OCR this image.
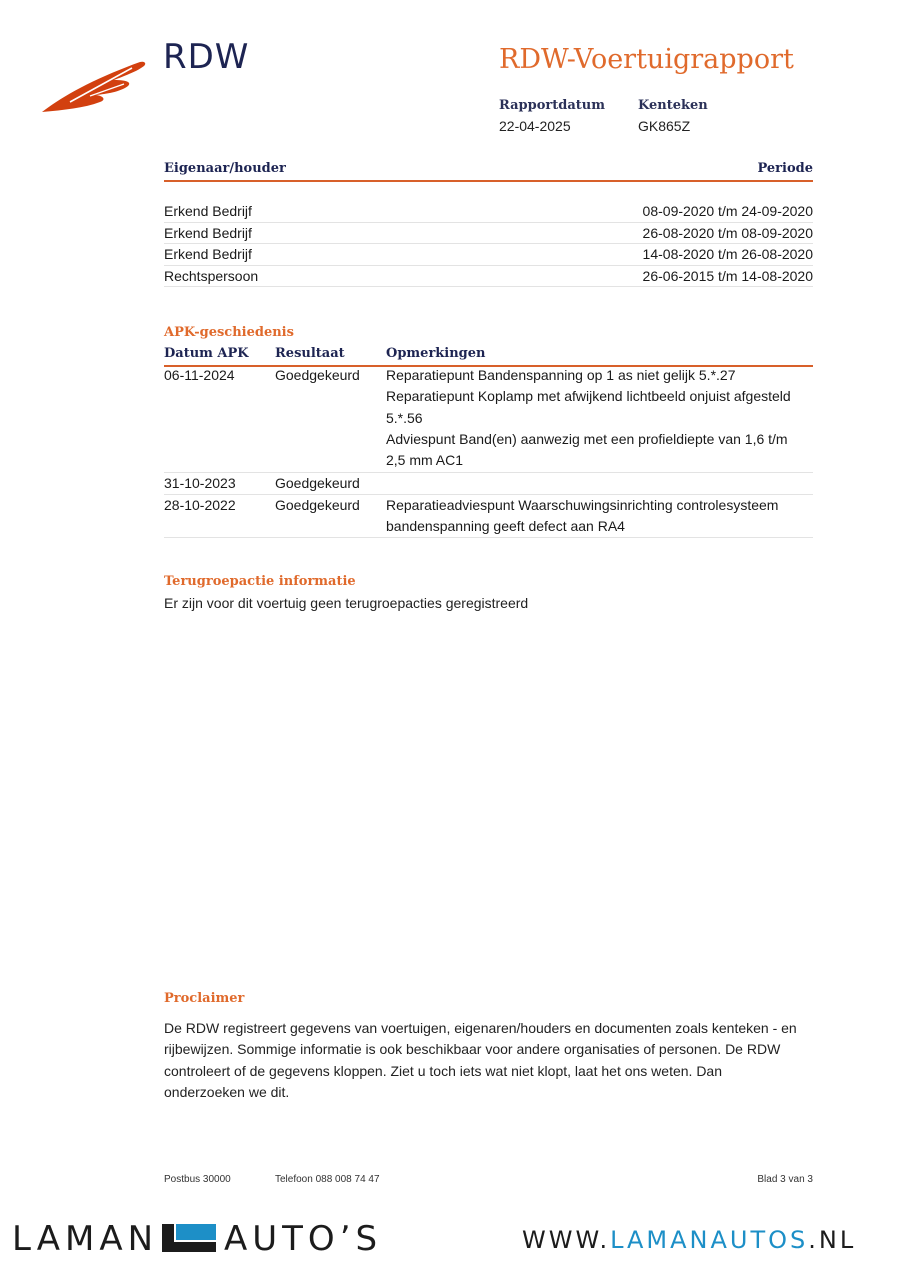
RDW	RDW-Voertuigrapport
Rapportdatum
22-04-2025
Kenteken
GK865Z
Eigenaar/houder	Periode
Erkend Bedrijf	08-09-2020 t/m 24-09-2020
Erkend Bedrijf	26-08-2020 t/m 08-09-2020
Erkend Bedrijf	14-08-2020 t/m 26-08-2020
Rechtspersoon	26-06-2015 t/m 14-08-2020
APK-geschiedenis
Datum APK Resultaat	Opmerkingen
06-11-2024	Goedgekeurd Reparatiepunt Bandenspanning op 1 as niet gelijk 5.*.27
Reparatiepunt Koplamp met afwijkend lichtbeeld onjuist afgesteld 5.*.56
Adviespunt Band(en) aanwezig met een profieldiepte van 1,6 t/m 2,5 mm AC1
31-10-2023	Goedgekeurd
28-10-2022	Goedgekeurd Reparatieadviespunt Waarschuwingsinrichting controlesysteem bandenspanning geeft defect aan RA4
Terugroepactie informatie
Er zijn voor dit voertuig geen terugroepacties geregistreerd
Proclaimer
De RDW registreert gegevens van voertuigen, eigenaren/houders en documenten zoals kenteken - en rijbewijzen. Sommige informatie is ook beschikbaar voor andere organisaties of personen. De RDW controleert of de gegevens kloppen. Ziet u toch iets wat niet klopt, laat het ons weten. Dan onderzoeken we dit.
Postbus 30000	Telefoon 088 008 74 47	Blad 3 van 3
LAMAN AUTO’S	WWW.LAMANAUTOS.NL
